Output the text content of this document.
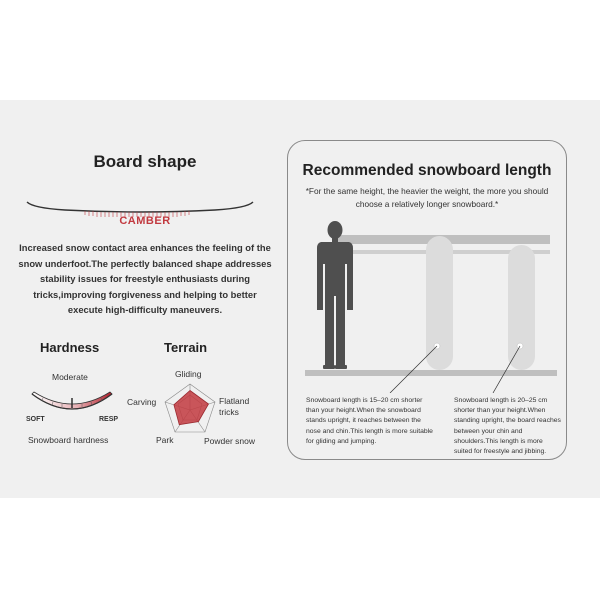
Board shape
CAMBER
Increased snow contact area enhances the feeling of the snow underfoot.The perfectly balanced shape addresses stability issues for freestyle enthusiasts during tricks,improving forgiveness and helping to better execute high-difficulty maneuvers.
Hardness
Moderate
SOFT	RESP
Snowboard hardness
Terrain
Gliding
Flatland
tricks
Carving
Park	Powder snow
Recommended snowboard length
*For the same height, the heavier the weight, the more you should choose a relatively longer snowboard.*
Snowboard length is 15–20 cm shorter than your height.When the snowboard stands upright, it reaches between the nose and chin.This length is more suitable for gliding and jumping.
Snowboard length is 20–25 cm shorter than your height.When standing upright, the board reaches between your chin and shoulders.This length is more suited for freestyle and jibbing.
